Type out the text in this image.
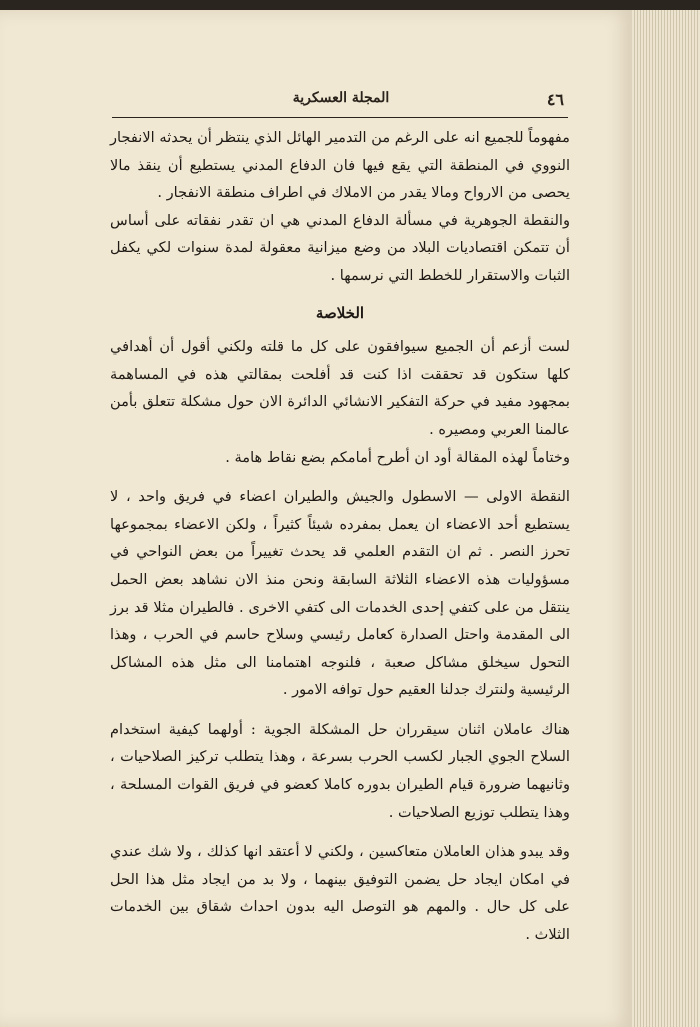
٤٦
المجلة العسكرية

مفهوماً للجميع انه على الرغم من التدمير الهائل الذي ينتظر أن يحدثه الانفجار النووي في المنطقة التي يقع فيها فان الدفاع المدني يستطيع أن ينقذ مالا يحصى من الارواح ومالا يقدر من الاملاك في اطراف منطقة الانفجار .

والنقطة الجوهرية في مسألة الدفاع المدني هي ان تقدر نفقاته على أساس أن تتمكن اقتصاديات البلاد من وضع ميزانية معقولة لمدة سنوات لكي يكفل الثبات والاستقرار للخطط التي نرسمها .

الخلاصة

لست أزعم أن الجميع سيوافقون على كل ما قلته ولكني أقول أن أهدافي كلها ستكون قد تحققت اذا كنت قد أفلحت بمقالتي هذه في المساهمة بمجهود مفيد في حركة التفكير الانشائي الدائرة الان حول مشكلة تتعلق بأمن عالمنا العربي ومصيره .

وختاماً لهذه المقالة أود ان أطرح أمامكم بضع نقاط هامة .

النقطة الاولى — الاسطول والجيش والطيران اعضاء في فريق واحد ، لا يستطيع أحد الاعضاء ان يعمل بمفرده شيئاً كثيراً ، ولكن الاعضاء بمجموعها تحرز النصر . ثم ان التقدم العلمي قد يحدث تغييراً من بعض النواحي في مسؤوليات هذه الاعضاء الثلاثة السابقة ونحن منذ الان نشاهد بعض الحمل ينتقل من على كتفي إحدى الخدمات الى كتفي الاخرى . فالطيران مثلا قد برز الى المقدمة واحتل الصدارة كعامل رئيسي وسلاح حاسم في الحرب ، وهذا التحول سيخلق مشاكل صعبة ، فلنوجه اهتمامنا الى مثل هذه المشاكل الرئيسية ولنترك جدلنا العقيم حول توافه الامور .

هناك عاملان اثنان سيقرران حل المشكلة الجوية : أولهما كيفية استخدام السلاح الجوي الجبار لكسب الحرب بسرعة ، وهذا يتطلب تركيز الصلاحيات ، وثانيهما ضرورة قيام الطيران بدوره كاملا كعضو في فريق القوات المسلحة ، وهذا يتطلب توزيع الصلاحيات .

وقد يبدو هذان العاملان متعاكسين ، ولكني لا أعتقد انها كذلك ، ولا شك عندي في امكان ايجاد حل يضمن التوفيق بينهما ، ولا بد من ايجاد مثل هذا الحل على كل حال . والمهم هو التوصل اليه بدون احداث شقاق بين الخدمات الثلاث .
